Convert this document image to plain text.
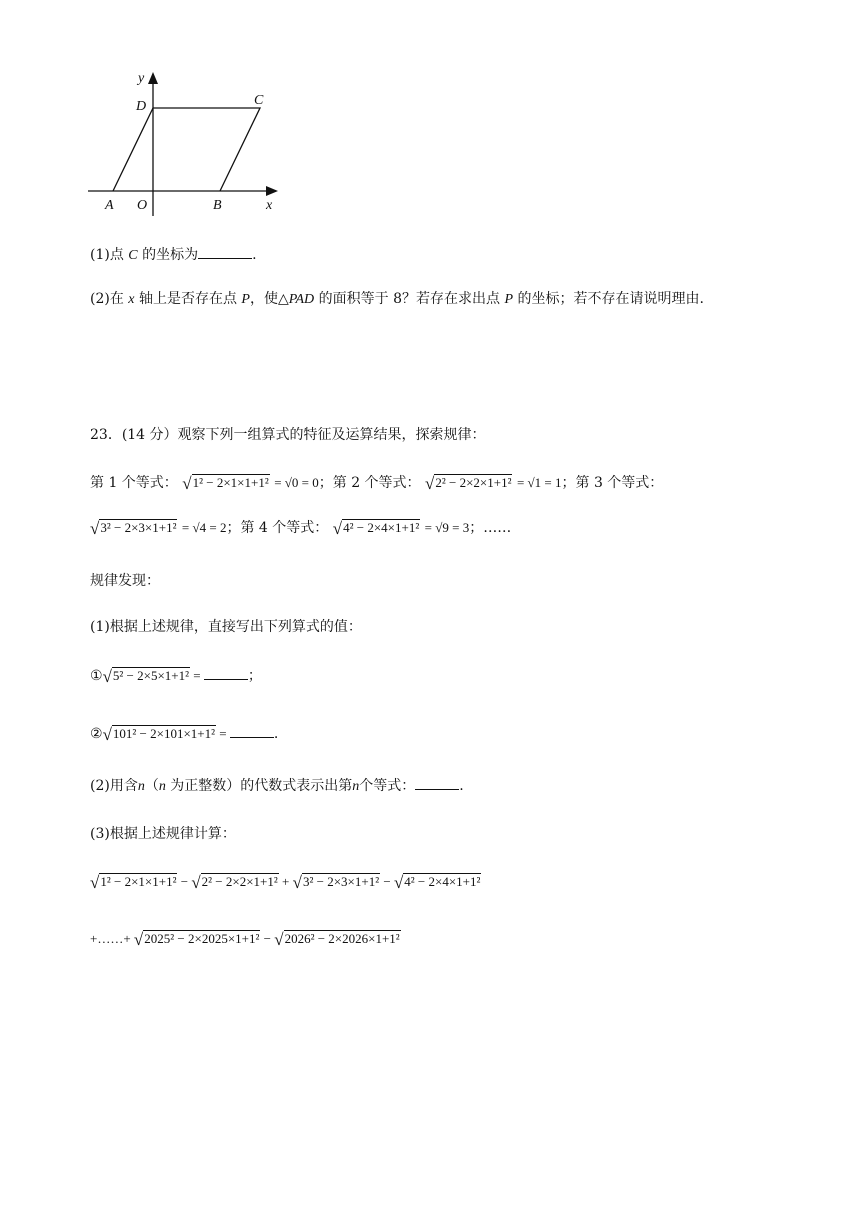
y
D	C
A O	B	x
(1)点 C 的坐标为	.
(2)在 x 轴上是否存在点 P，使△PAD 的面积等于 8？若存在求出点 P 的坐标；若不存在请说明理由.
23．(14 分）观察下列一组算式的特征及运算结果，探索规律：
第 1 个等式： √1² − 2×1×1+1² = √0 = 0；第 2 个等式： √2² − 2×2×1+1² = √1 = 1；第 3 个等式：
√3² − 2×3×1+1² = √4 = 2；第 4 个等式： √4² − 2×4×1+1² = √9 = 3；……
规律发现：
(1)根据上述规律，直接写出下列算式的值：
①√5² − 2×5×1+1² =	；
②√101² − 2×101×1+1² =	.
(2)用含n（n 为正整数）的代数式表示出第n个等式：	.
(3)根据上述规律计算：
√1² − 2×1×1+1² − √2² − 2×2×1+1² + √3² − 2×3×1+1² − √4² − 2×4×1+1²
+……+ √2025² − 2×2025×1+1² − √2026² − 2×2026×1+1²
